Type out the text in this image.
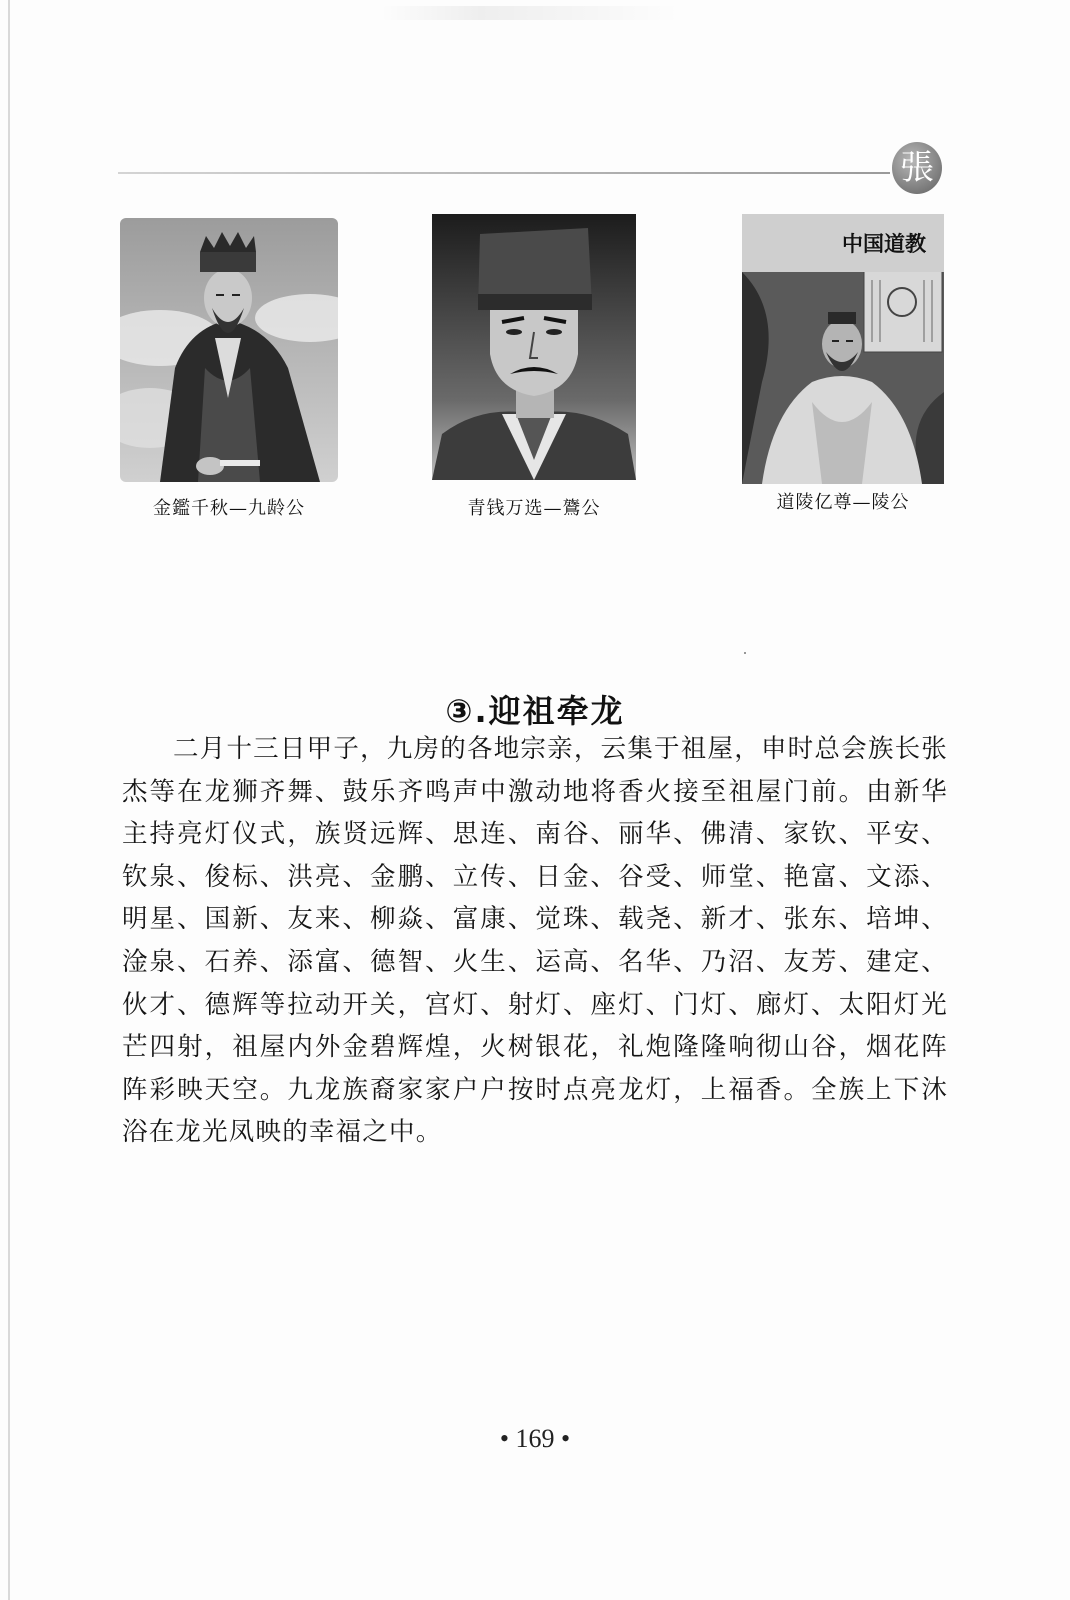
張
金鑑千秋—九龄公	青钱万选—鷟公
中国道教
道陵亿尊—陵公
③.迎祖牵龙

二月十三日甲子，九房的各地宗亲，云集于祖屋，申时总会族长张杰等在龙狮齐舞、鼓乐齐鸣声中激动地将香火接至祖屋门前。由新华主持亮灯仪式，族贤远辉、思连、南谷、丽华、佛清、家钦、平安、钦泉、俊标、洪亮、金鹏、立传、日金、谷受、师堂、艳富、文添、明星、国新、友来、柳焱、富康、觉珠、载尧、新才、张东、培坤、淦泉、石养、添富、德智、火生、运高、名华、乃沼、友芳、建定、伙才、德辉等拉动开关，宫灯、射灯、座灯、门灯、廊灯、太阳灯光芒四射，祖屋内外金碧辉煌，火树银花，礼炮隆隆响彻山谷，烟花阵阵彩映天空。九龙族裔家家户户按时点亮龙灯，上福香。全族上下沐浴在龙光凤映的幸福之中。

• 169 •
